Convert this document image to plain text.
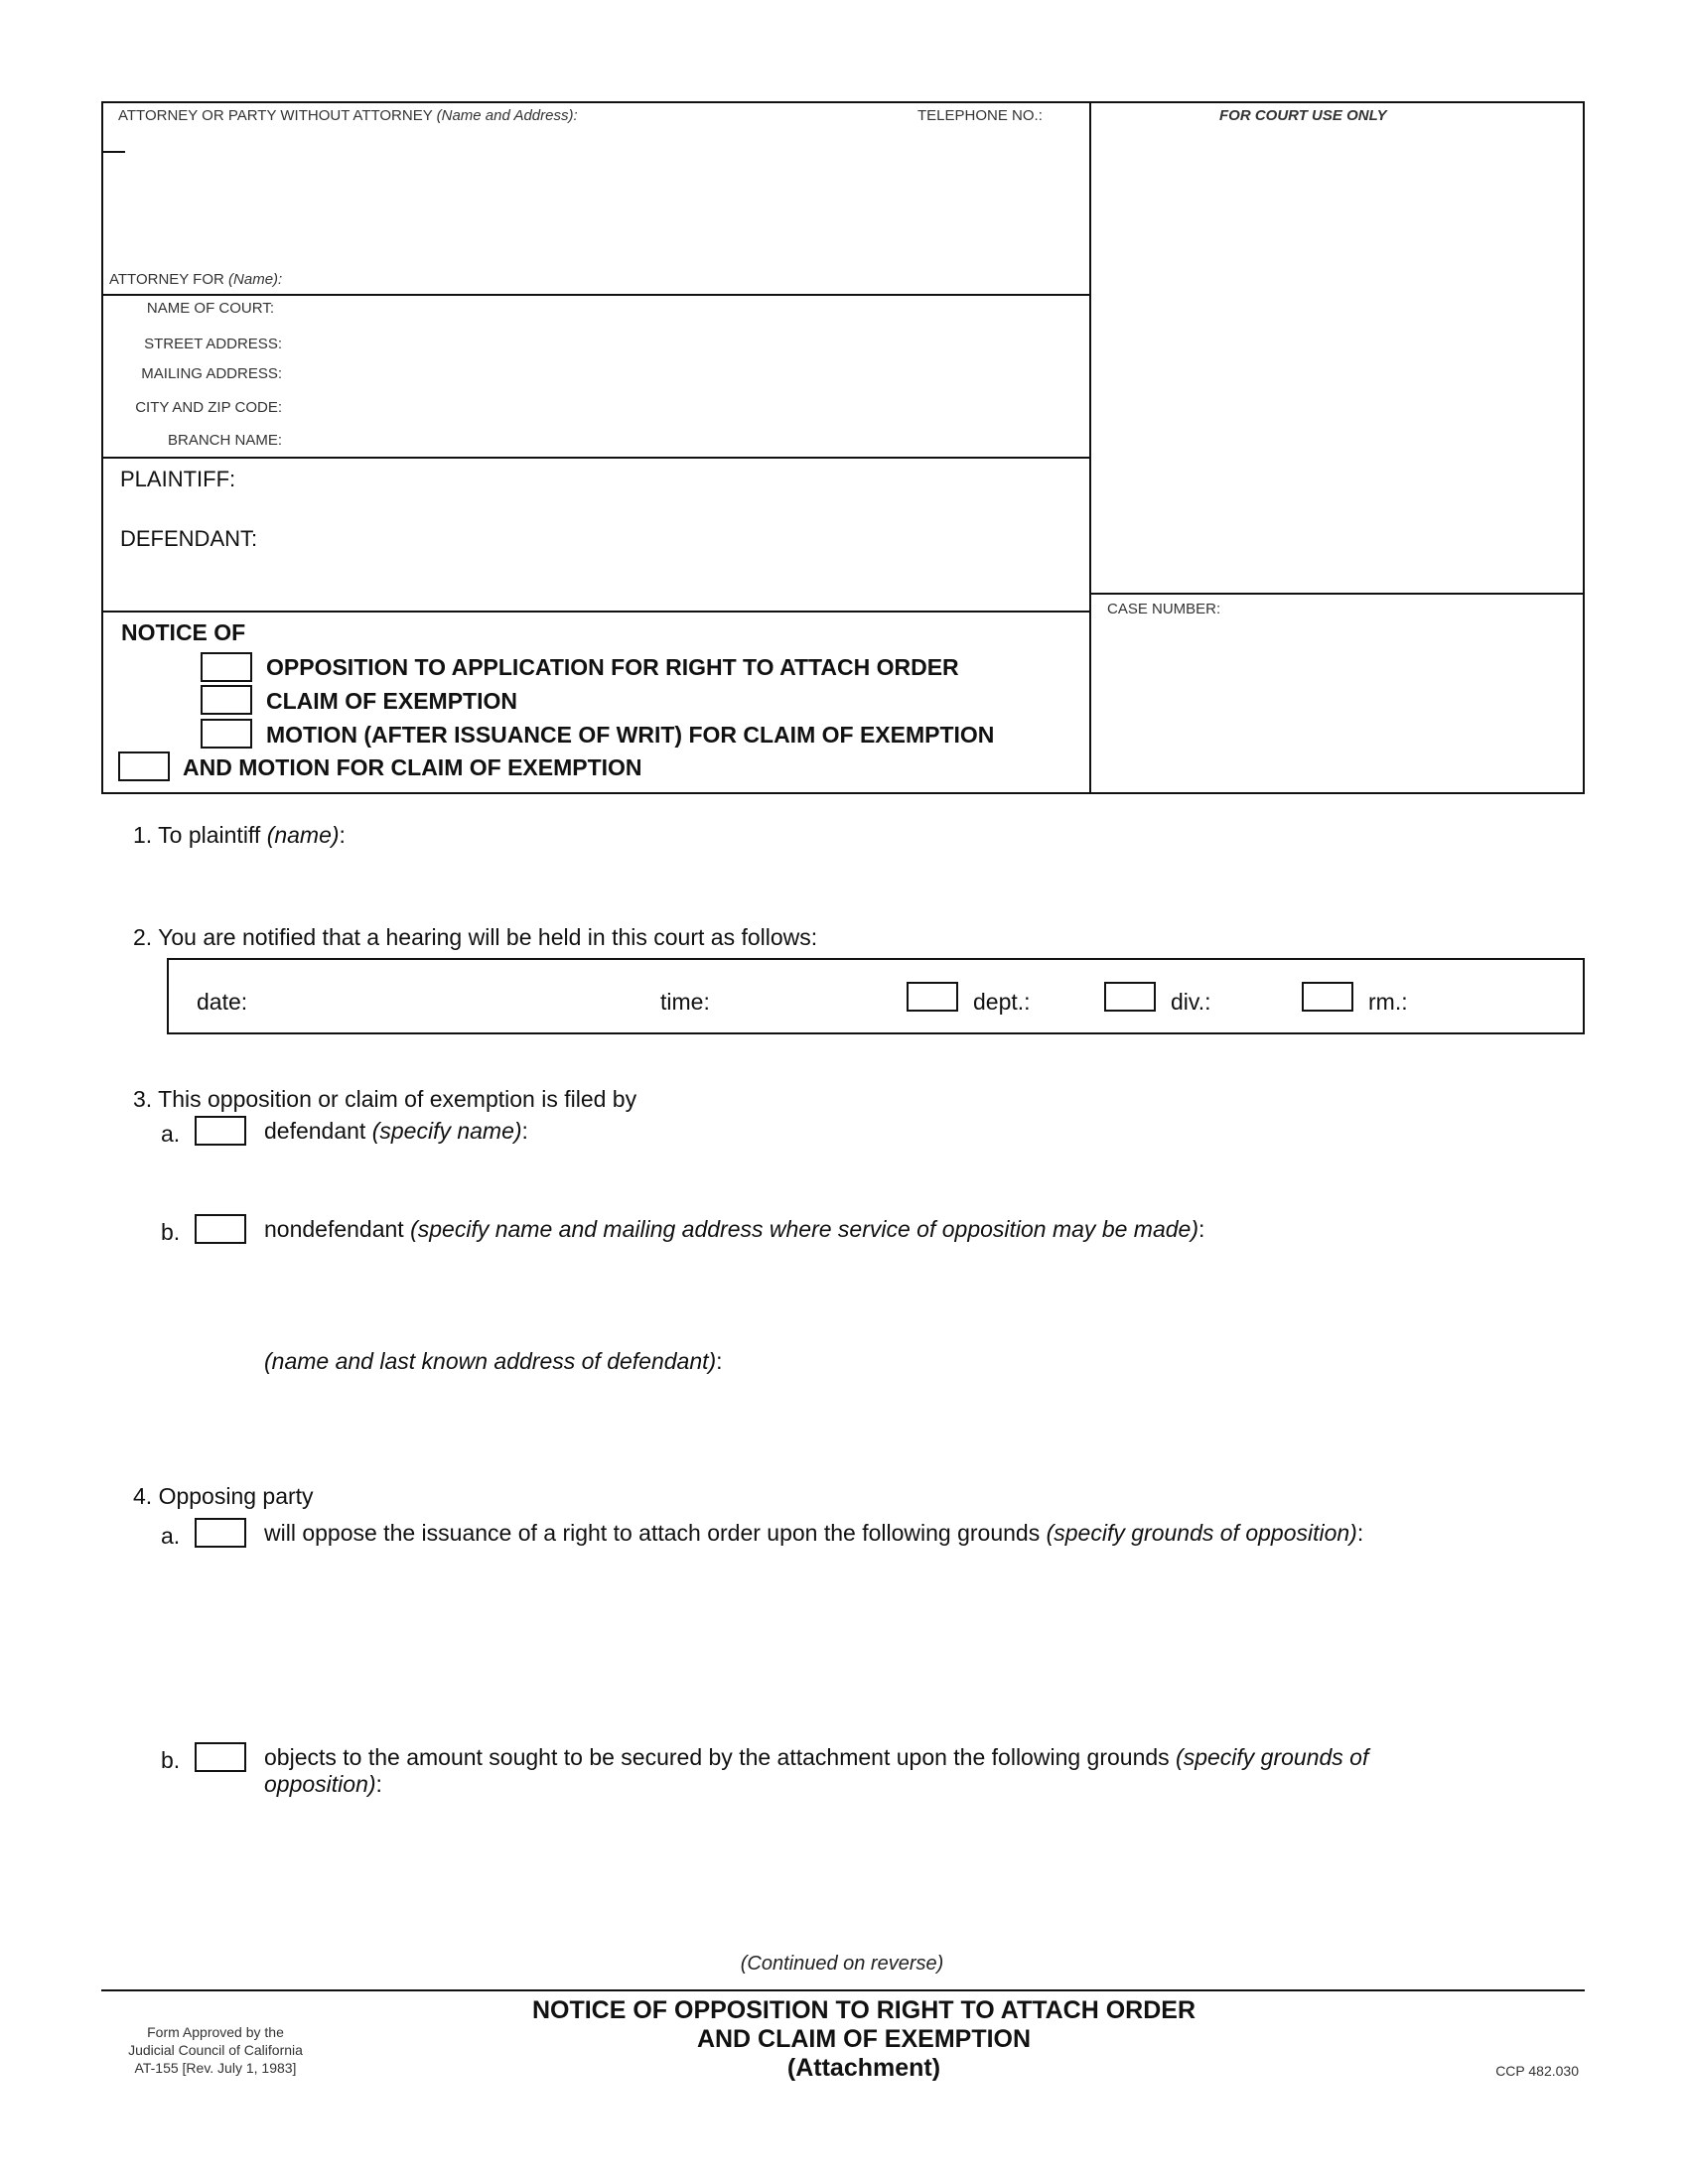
ATTORNEY OR PARTY WITHOUT ATTORNEY (Name and Address):	TELEPHONE NO.:	FOR COURT USE ONLY
ATTORNEY FOR (Name):
NAME OF COURT:
STREET ADDRESS:
MAILING ADDRESS:
CITY AND ZIP CODE:
BRANCH NAME:
PLAINTIFF:
DEFENDANT:
CASE NUMBER:
NOTICE OF
OPPOSITION TO APPLICATION FOR RIGHT TO ATTACH ORDER
CLAIM OF EXEMPTION
MOTION (AFTER ISSUANCE OF WRIT) FOR CLAIM OF EXEMPTION
AND MOTION FOR CLAIM OF EXEMPTION
1. To plaintiff (name):
2. You are notified that a hearing will be held in this court as follows:
date:	time:	dept.:	div.:	rm.:
3. This opposition or claim of exemption is filed by
a.	defendant (specify name):
b.	nondefendant (specify name and mailing address where service of opposition may be made):
(name and last known address of defendant):
4. Opposing party
a.	will oppose the issuance of a right to attach order upon the following grounds (specify grounds of opposition):
b.	objects to the amount sought to be secured by the attachment upon the following grounds (specify grounds of
opposition):
(Continued on reverse)
Form Approved by the
Judicial Council of California
AT-155 [Rev. July 1, 1983]
NOTICE OF OPPOSITION TO RIGHT TO ATTACH ORDER
AND CLAIM OF EXEMPTION
(Attachment)	CCP 482.030
